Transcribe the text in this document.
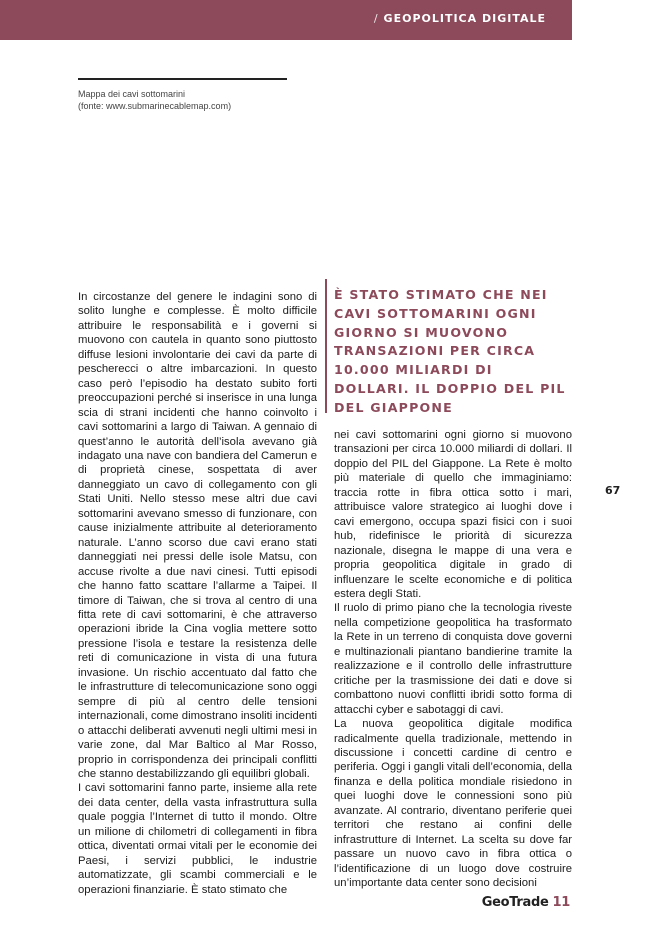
/ GEOPOLITICA DIGITALE
Mappa dei cavi sottomarini
(fonte: www.submarinecablemap.com)

In circostanze del genere le indagini sono di solito lunghe e complesse. È molto difficile attribuire le responsabilità e i governi si muovono con cautela in quanto sono piuttosto diffuse lesioni involontarie dei cavi da parte di pescherecci o altre imbarcazioni. In questo caso però l’episodio ha destato subito forti preoccupazioni perché si inserisce in una lunga scia di strani incidenti che hanno coinvolto i cavi sottomarini a largo di Taiwan. A gennaio di quest’anno le autorità dell’isola avevano già indagato una nave con bandiera del Camerun e di proprietà cinese, sospettata di aver danneggiato un cavo di collegamento con gli Stati Uniti. Nello stesso mese altri due cavi sottomarini avevano smesso di funzionare, con cause inizialmente attribuite al deterioramento naturale. L’anno scorso due cavi erano stati danneggiati nei pressi delle isole Matsu, con accuse rivolte a due navi cinesi. Tutti episodi che hanno fatto scattare l’allarme a Taipei. Il timore di Taiwan, che si trova al centro di una fitta rete di cavi sottomarini, è che attraverso operazioni ibride la Cina voglia mettere sotto pressione l’isola e testare la resistenza delle reti di comunicazione in vista di una futura invasione. Un rischio accentuato dal fatto che le infrastrutture di telecomunicazione sono oggi sempre di più al centro delle tensioni internazionali, come dimostrano insoliti incidenti o attacchi deliberati avvenuti negli ultimi mesi in varie zone, dal Mar Baltico al Mar Rosso, proprio in corrispondenza dei principali conflitti che stanno destabilizzando gli equilibri globali.

I cavi sottomarini fanno parte, insieme alla rete dei data center, della vasta infrastruttura sulla quale poggia l’Internet di tutto il mondo. Oltre un milione di chilometri di collegamenti in fibra ottica, diventati ormai vitali per le economie dei Paesi, i servizi pubblici, le industrie automatizzate, gli scambi commerciali e le operazioni finanziarie. È stato stimato che

È STATO STIMATO CHE NEI CAVI SOTTOMARINI OGNI GIORNO SI MUOVONO TRANSAZIONI PER CIRCA 10.000 MILIARDI DI DOLLARI. IL DOPPIO DEL PIL DEL GIAPPONE

nei cavi sottomarini ogni giorno si muovono transazioni per circa 10.000 miliardi di dollari. Il doppio del PIL del Giappone. La Rete è molto più materiale di quello che immaginiamo: traccia rotte in fibra ottica sotto i mari, attribuisce valore strategico ai luoghi dove i cavi emergono, occupa spazi fisici con i suoi hub, ridefinisce le priorità di sicurezza nazionale, disegna le mappe di una vera e propria geopolitica digitale in grado di influenzare le scelte economiche e di politica estera degli Stati.

Il ruolo di primo piano che la tecnologia riveste nella competizione geopolitica ha trasformato la Rete in un terreno di conquista dove governi e multinazionali piantano bandierine tramite la realizzazione e il controllo delle infrastrutture critiche per la trasmissione dei dati e dove si combattono nuovi conflitti ibridi sotto forma di attacchi cyber e sabotaggi di cavi.

La nuova geopolitica digitale modifica radicalmente quella tradizionale, mettendo in discussione i concetti cardine di centro e periferia. Oggi i gangli vitali dell’economia, della finanza e della politica mondiale risiedono in quei luoghi dove le connessioni sono più avanzate. Al contrario, diventano periferie quei territori che restano ai confini delle infrastrutture di Internet. La scelta su dove far passare un nuovo cavo in fibra ottica o l’identificazione di un luogo dove costruire un’importante data center sono decisioni

67
GeoTrade 11
